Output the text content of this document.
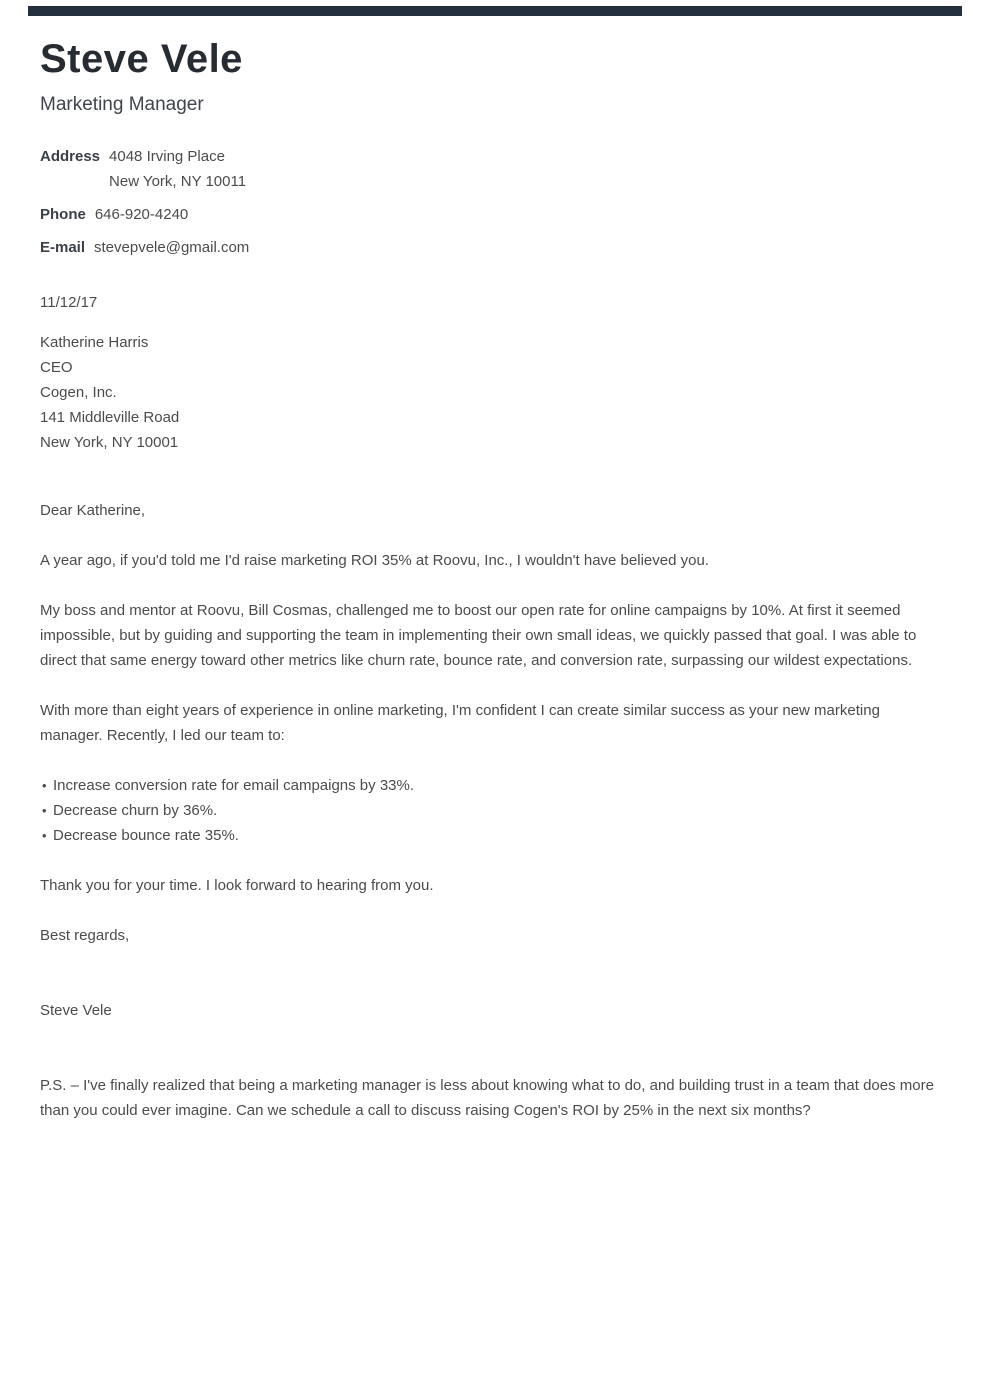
Steve Vele
Marketing Manager
Address 4048 Irving Place
New York, NY 10011
Phone 646-920-4240
E-mail stevepvele@gmail.com
11/12/17
Katherine Harris
CEO
Cogen, Inc.
141 Middleville Road
New York, NY 10001
Dear Katherine,

A year ago, if you'd told me I'd raise marketing ROI 35% at Roovu, Inc., I wouldn't have believed you.

My boss and mentor at Roovu, Bill Cosmas, challenged me to boost our open rate for online campaigns by 10%. At first it seemed impossible, but by guiding and supporting the team in implementing their own small ideas, we quickly passed that goal. I was able to direct that same energy toward other metrics like churn rate, bounce rate, and conversion rate, surpassing our wildest expectations.

With more than eight years of experience in online marketing, I'm confident I can create similar success as your new marketing manager. Recently, I led our team to:

• Increase conversion rate for email campaigns by 33%.
• Decrease churn by 36%.
• Decrease bounce rate 35%.

Thank you for your time. I look forward to hearing from you.

Best regards,

Steve Vele

P.S. – I've finally realized that being a marketing manager is less about knowing what to do, and building trust in a team that does more than you could ever imagine. Can we schedule a call to discuss raising Cogen's ROI by 25% in the next six months?
